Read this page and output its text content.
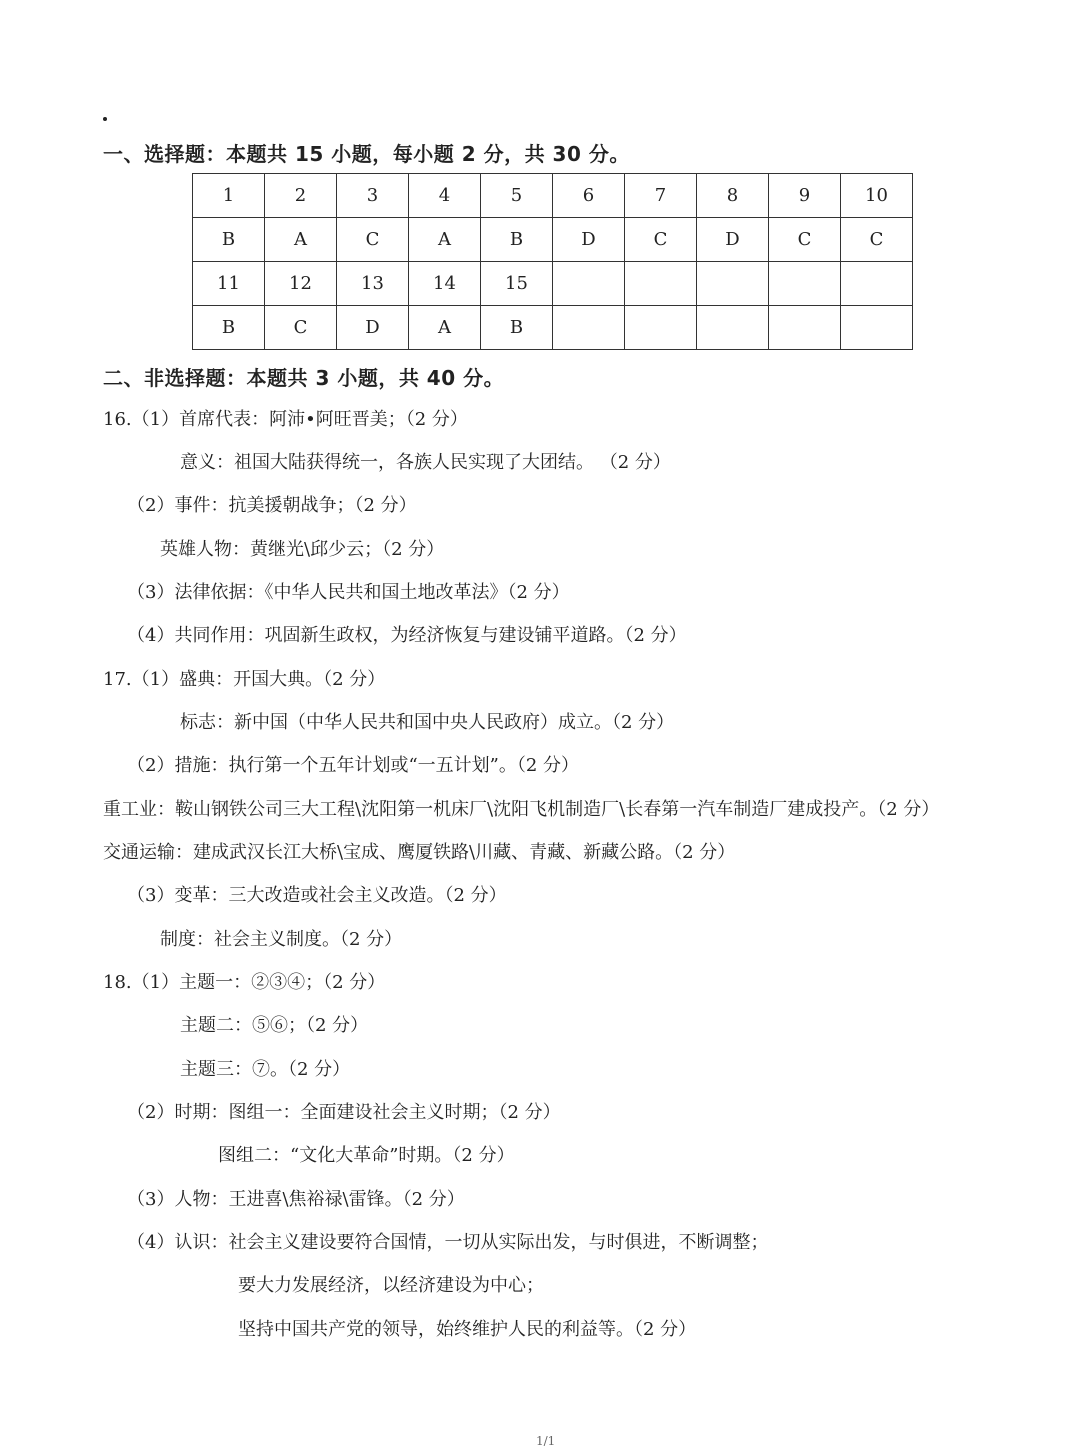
一、选择题：本题共 15 小题，每小题 2 分，共 30 分。
1	2	3	4	5	6	7	8	9	10
B	A	C	A	B	D	C	D	C	C
11	12	13	14	15					
B	C	D	A	B					
二、非选择题：本题共 3 小题，共 40 分。
16.（1）首席代表：阿沛•阿旺晋美；（2 分）
意义：祖国大陆获得统一，各族人民实现了大团结。 （2 分）
（2）事件：抗美援朝战争；（2 分）
英雄人物：黄继光\邱少云；（2 分）
（3）法律依据：《中华人民共和国土地改革法》（2 分）
（4）共同作用：巩固新生政权，为经济恢复与建设铺平道路。（2 分）
17.（1）盛典：开国大典。（2 分）
标志：新中国（中华人民共和国中央人民政府）成立。（2 分）
（2）措施：执行第一个五年计划或“一五计划”。（2 分）
重工业：鞍山钢铁公司三大工程\沈阳第一机床厂\沈阳飞机制造厂\长春第一汽车制造厂建成投产。（2 分）
交通运输：建成武汉长江大桥\宝成、鹰厦铁路\川藏、青藏、新藏公路。（2 分）
（3）变革：三大改造或社会主义改造。（2 分）
制度：社会主义制度。（2 分）
18.（1）主题一：②③④；（2 分）
主题二：⑤⑥；（2 分）
主题三：⑦。（2 分）
（2）时期：图组一：全面建设社会主义时期；（2 分）
图组二：“文化大革命”时期。（2 分）
（3）人物：王进喜\焦裕禄\雷锋。（2 分）
（4）认识：社会主义建设要符合国情，一切从实际出发，与时俱进，不断调整；
要大力发展经济，以经济建设为中心；
坚持中国共产党的领导，始终维护人民的利益等。（2 分）
1/1
